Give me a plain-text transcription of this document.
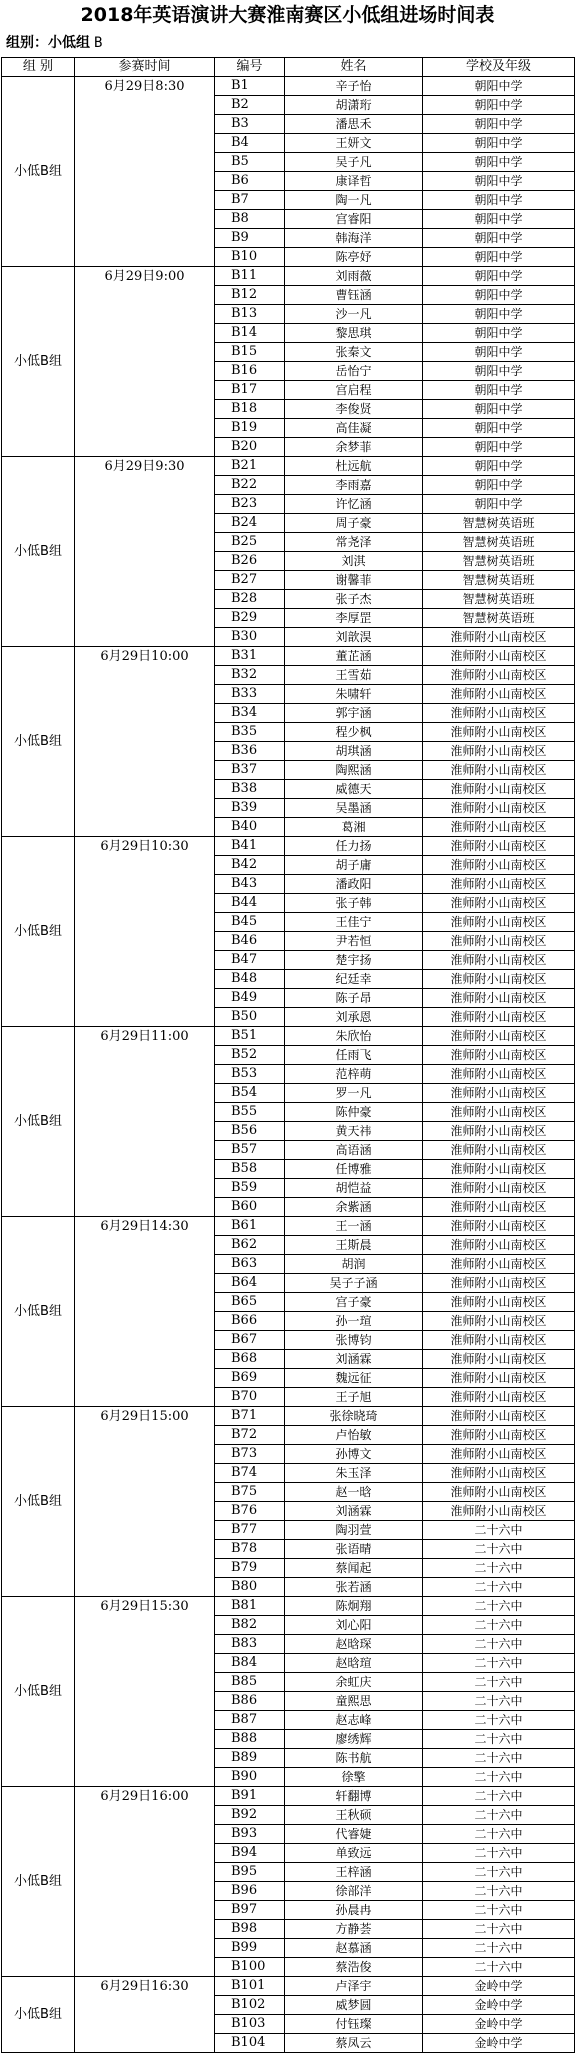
2018年英语演讲大赛淮南赛区小低组进场时间表
组别：小低组 B
组 别	参赛时间	编号	姓名	学校及年级
小低B组	6月29日8:30	B1	辛子怡	朝阳中学
		B2	胡潇珩	朝阳中学
		B3	潘思禾	朝阳中学
		B4	王妍文	朝阳中学
		B5	吴子凡	朝阳中学
		B6	康译哲	朝阳中学
		B7	陶一凡	朝阳中学
		B8	宫睿阳	朝阳中学
		B9	韩海洋	朝阳中学
		B10	陈亭妤	朝阳中学
小低B组	6月29日9:00	B11	刘雨薇	朝阳中学
		B12	曹钰涵	朝阳中学
		B13	沙一凡	朝阳中学
		B14	黎思琪	朝阳中学
		B15	张秦文	朝阳中学
		B16	岳怡宁	朝阳中学
		B17	宫启程	朝阳中学
		B18	李俊贤	朝阳中学
		B19	高佳凝	朝阳中学
		B20	余梦菲	朝阳中学
小低B组	6月29日9:30	B21	杜远航	朝阳中学
		B22	李雨嘉	朝阳中学
		B23	许忆涵	朝阳中学
		B24	周子豪	智慧树英语班
		B25	常尧泽	智慧树英语班
		B26	刘淇	智慧树英语班
		B27	谢馨菲	智慧树英语班
		B28	张子杰	智慧树英语班
		B29	李厚罡	智慧树英语班
		B30	刘歆淏	淮师附小山南校区
小低B组	6月29日10:00	B31	董芷涵	淮师附小山南校区
		B32	王雪茹	淮师附小山南校区
		B33	朱啸轩	淮师附小山南校区
		B34	郭宇涵	淮师附小山南校区
		B35	程少枫	淮师附小山南校区
		B36	胡琪涵	淮师附小山南校区
		B37	陶熙涵	淮师附小山南校区
		B38	威德天	淮师附小山南校区
		B39	吴墨涵	淮师附小山南校区
		B40	葛湘	淮师附小山南校区
小低B组	6月29日10:30	B41	任力扬	淮师附小山南校区
		B42	胡子庸	淮师附小山南校区
		B43	潘政阳	淮师附小山南校区
		B44	张子韩	淮师附小山南校区
		B45	王佳宁	淮师附小山南校区
		B46	尹若恒	淮师附小山南校区
		B47	楚宇扬	淮师附小山南校区
		B48	纪廷幸	淮师附小山南校区
		B49	陈子昂	淮师附小山南校区
		B50	刘承恩	淮师附小山南校区
小低B组	6月29日11:00	B51	朱欣怡	淮师附小山南校区
		B52	任雨飞	淮师附小山南校区
		B53	范梓萌	淮师附小山南校区
		B54	罗一凡	淮师附小山南校区
		B55	陈仲豪	淮师附小山南校区
		B56	黄天祎	淮师附小山南校区
		B57	高语涵	淮师附小山南校区
		B58	任博雅	淮师附小山南校区
		B59	胡恺益	淮师附小山南校区
		B60	余紫涵	淮师附小山南校区
小低B组	6月29日14:30	B61	王一涵	淮师附小山南校区
		B62	王斯晨	淮师附小山南校区
		B63	胡润	淮师附小山南校区
		B64	吴子子涵	淮师附小山南校区
		B65	宫子豪	淮师附小山南校区
		B66	孙一瑄	淮师附小山南校区
		B67	张博钧	淮师附小山南校区
		B68	刘涵霖	淮师附小山南校区
		B69	魏远征	淮师附小山南校区
		B70	王子旭	淮师附小山南校区
小低B组	6月29日15:00	B71	张徐晓琦	淮师附小山南校区
		B72	卢怡敏	淮师附小山南校区
		B73	孙博文	淮师附小山南校区
		B74	朱玉泽	淮师附小山南校区
		B75	赵一晗	淮师附小山南校区
		B76	刘涵霖	淮师附小山南校区
		B77	陶羽萱	二十六中
		B78	张语晴	二十六中
		B79	蔡闻起	二十六中
		B80	张若涵	二十六中
小低B组	6月29日15:30	B81	陈炯翔	二十六中
		B82	刘心阳	二十六中
		B83	赵晗琛	二十六中
		B84	赵晗瑄	二十六中
		B85	余虹庆	二十六中
		B86	童熙思	二十六中
		B87	赵志峰	二十六中
		B88	廖绣辉	二十六中
		B89	陈书航	二十六中
		B90	徐擎	二十六中
小低B组	6月29日16:00	B91	轩翻博	二十六中
		B92	王秋硕	二十六中
		B93	代睿婕	二十六中
		B94	单致远	二十六中
		B95	王梓涵	二十六中
		B96	徐部洋	二十六中
		B97	孙晨冉	二十六中
		B98	方静荟	二十六中
		B99	赵慕涵	二十六中
		B100	蔡浩俊	二十六中
小低B组	6月29日16:30	B101	卢泽宇	金岭中学
		B102	威梦圆	金岭中学
		B103	付钰璨	金岭中学
		B104	蔡凤云	金岭中学
